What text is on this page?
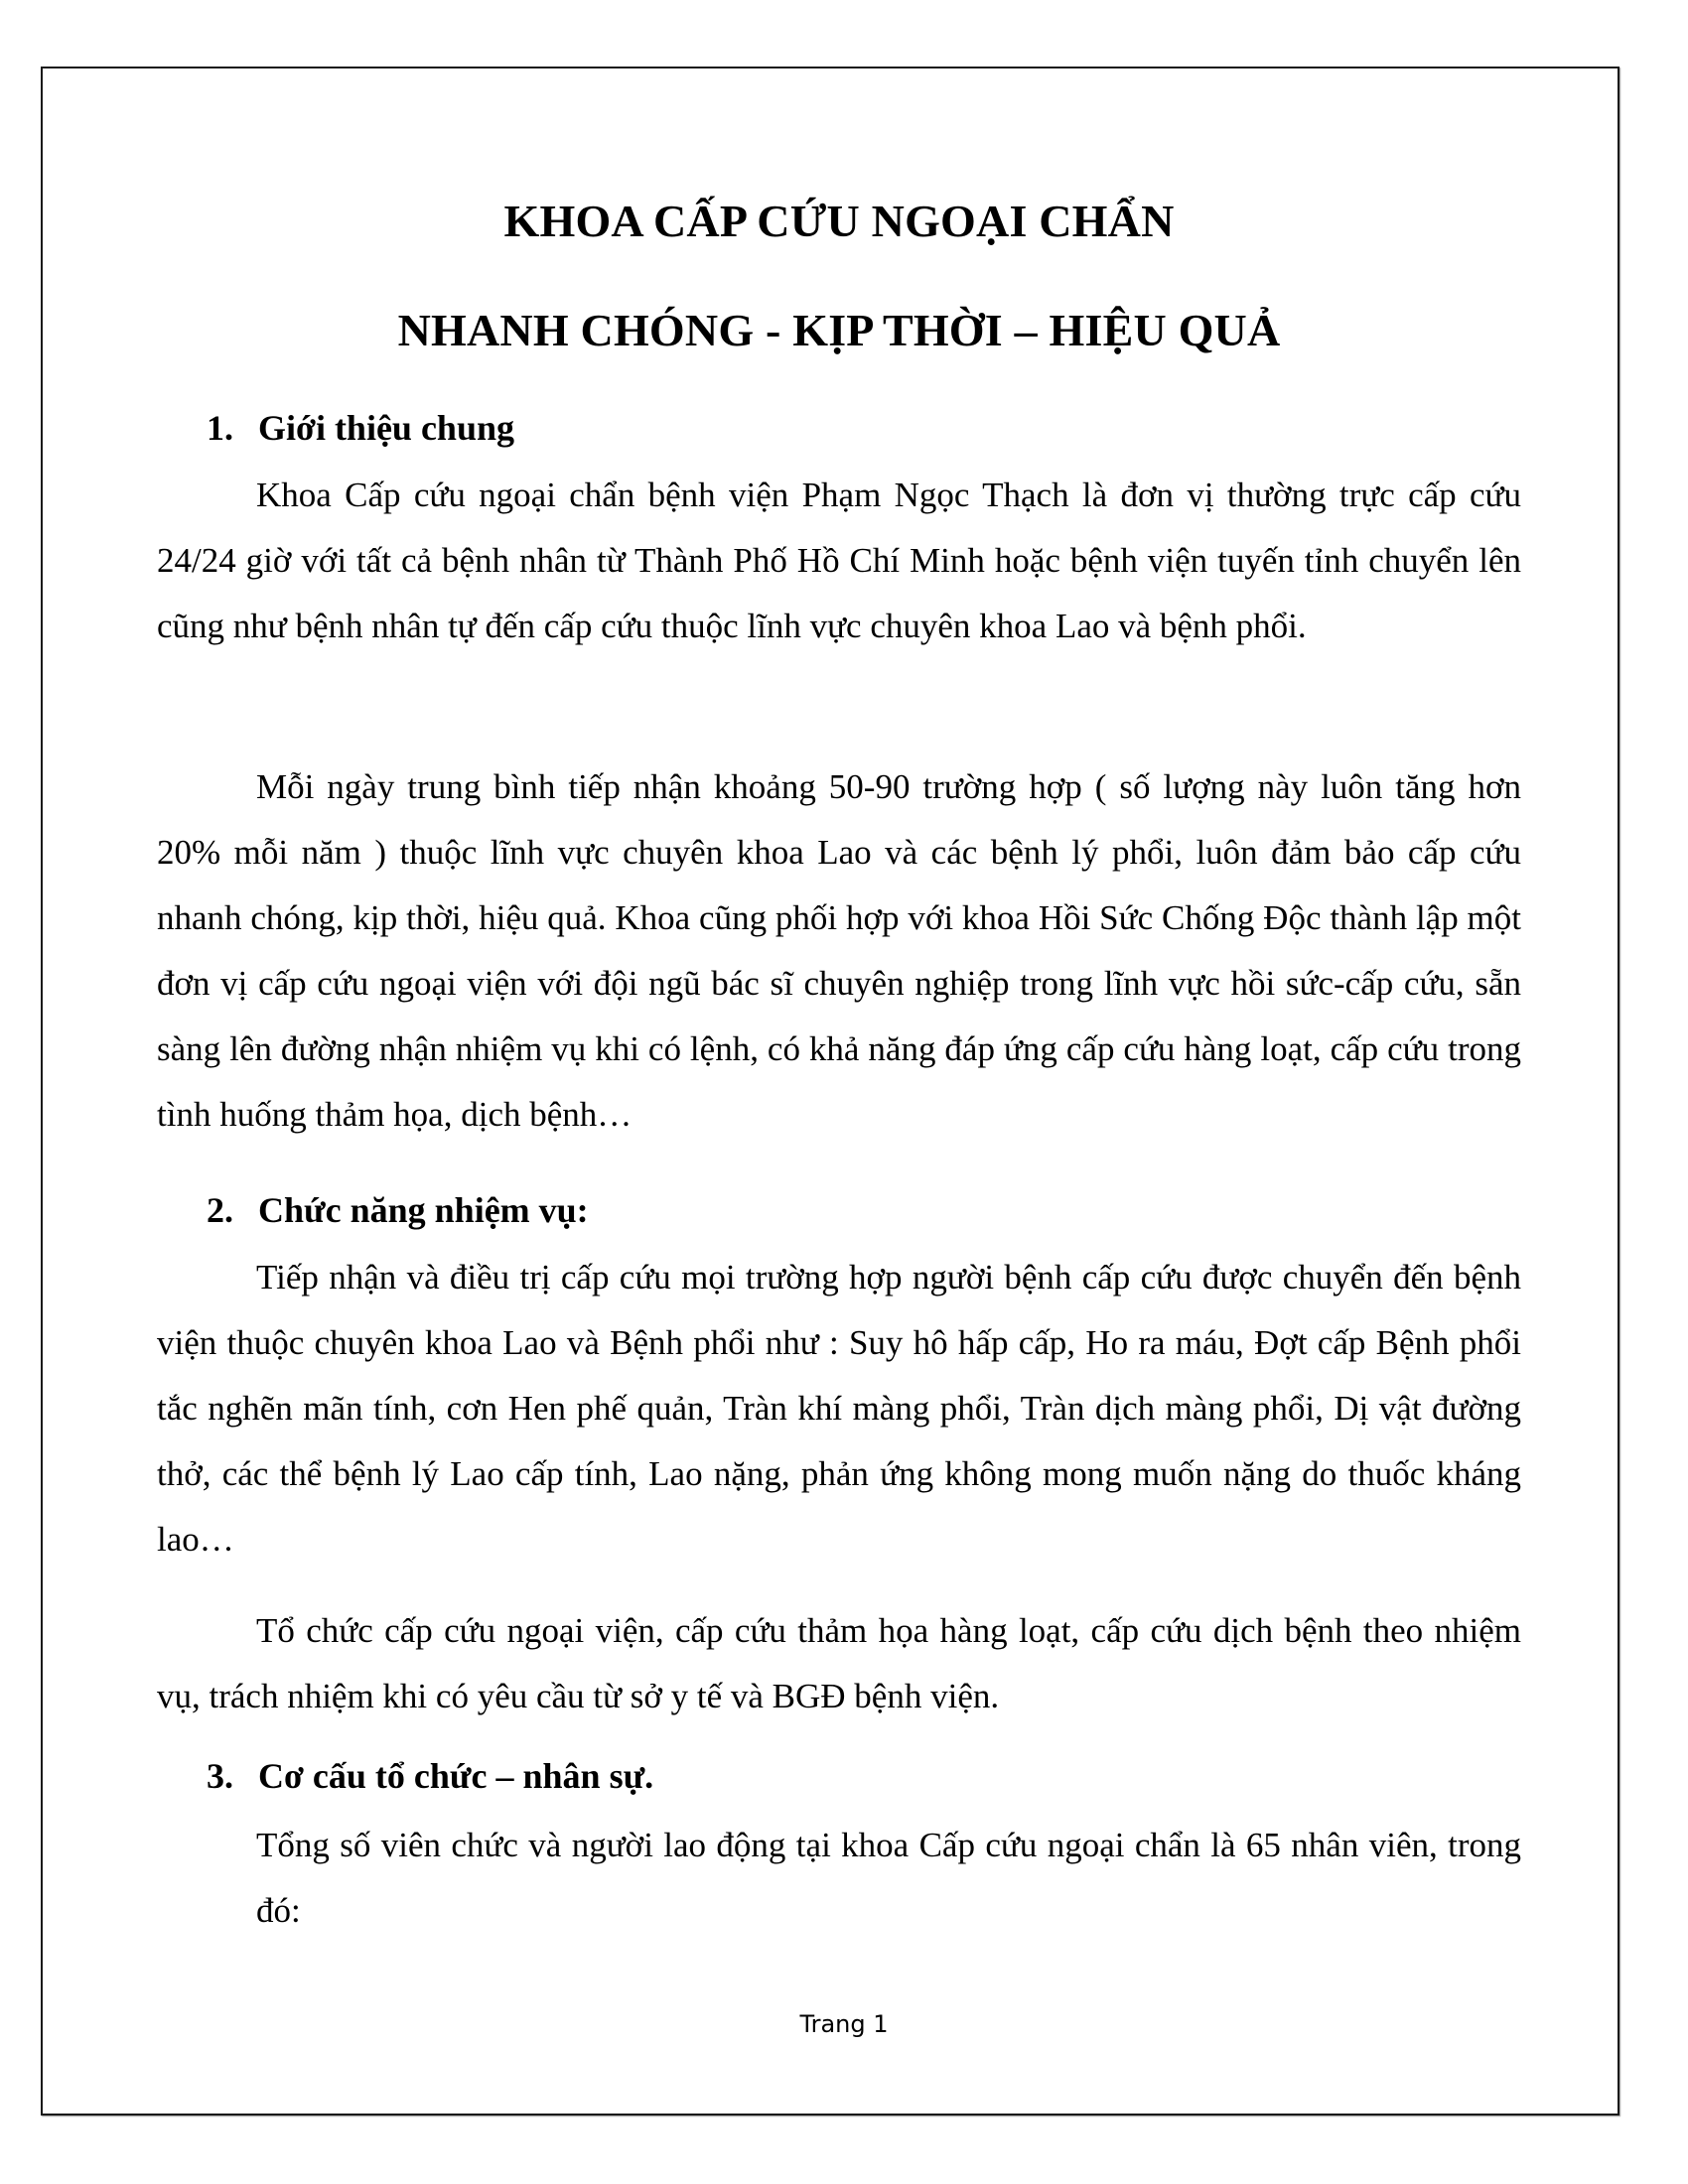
KHOA CẤP CỨU NGOẠI CHẨN
NHANH CHÓNG - KỊP THỜI – HIỆU QUẢ
1. Giới thiệu chung

Khoa Cấp cứu ngoại chẩn bệnh viện Phạm Ngọc Thạch là đơn vị thường trực cấp cứu 24/24 giờ với tất cả bệnh nhân từ Thành Phố Hồ Chí Minh hoặc bệnh viện tuyến tỉnh chuyển lên cũng như bệnh nhân tự đến cấp cứu thuộc lĩnh vực chuyên khoa Lao và bệnh phổi.

Mỗi ngày trung bình tiếp nhận khoảng 50-90 trường hợp ( số lượng này luôn tăng hơn 20% mỗi năm ) thuộc lĩnh vực chuyên khoa Lao và các bệnh lý phổi, luôn đảm bảo cấp cứu nhanh chóng, kịp thời, hiệu quả. Khoa cũng phối hợp với khoa Hồi Sức Chống Độc thành lập một đơn vị cấp cứu ngoại viện với đội ngũ bác sĩ chuyên nghiệp trong lĩnh vực hồi sức-cấp cứu, sẵn sàng lên đường nhận nhiệm vụ khi có lệnh, có khả năng đáp ứng cấp cứu hàng loạt, cấp cứu trong tình huống thảm họa, dịch bệnh…

2. Chức năng nhiệm vụ:

Tiếp nhận và điều trị cấp cứu mọi trường hợp người bệnh cấp cứu được chuyển đến bệnh viện thuộc chuyên khoa Lao và Bệnh phổi như : Suy hô hấp cấp, Ho ra máu, Đợt cấp Bệnh phổi tắc nghẽn mãn tính, cơn Hen phế quản, Tràn khí màng phổi, Tràn dịch màng phổi, Dị vật đường thở, các thể bệnh lý Lao cấp tính, Lao nặng, phản ứng không mong muốn nặng do thuốc kháng lao…

Tổ chức cấp cứu ngoại viện, cấp cứu thảm họa hàng loạt, cấp cứu dịch bệnh theo nhiệm vụ, trách nhiệm khi có yêu cầu từ sở y tế và BGĐ bệnh viện.

3. Cơ cấu tổ chức – nhân sự.

Tổng số viên chức và người lao động tại khoa Cấp cứu ngoại chẩn là 65 nhân viên, trong đó:

Trang 1
